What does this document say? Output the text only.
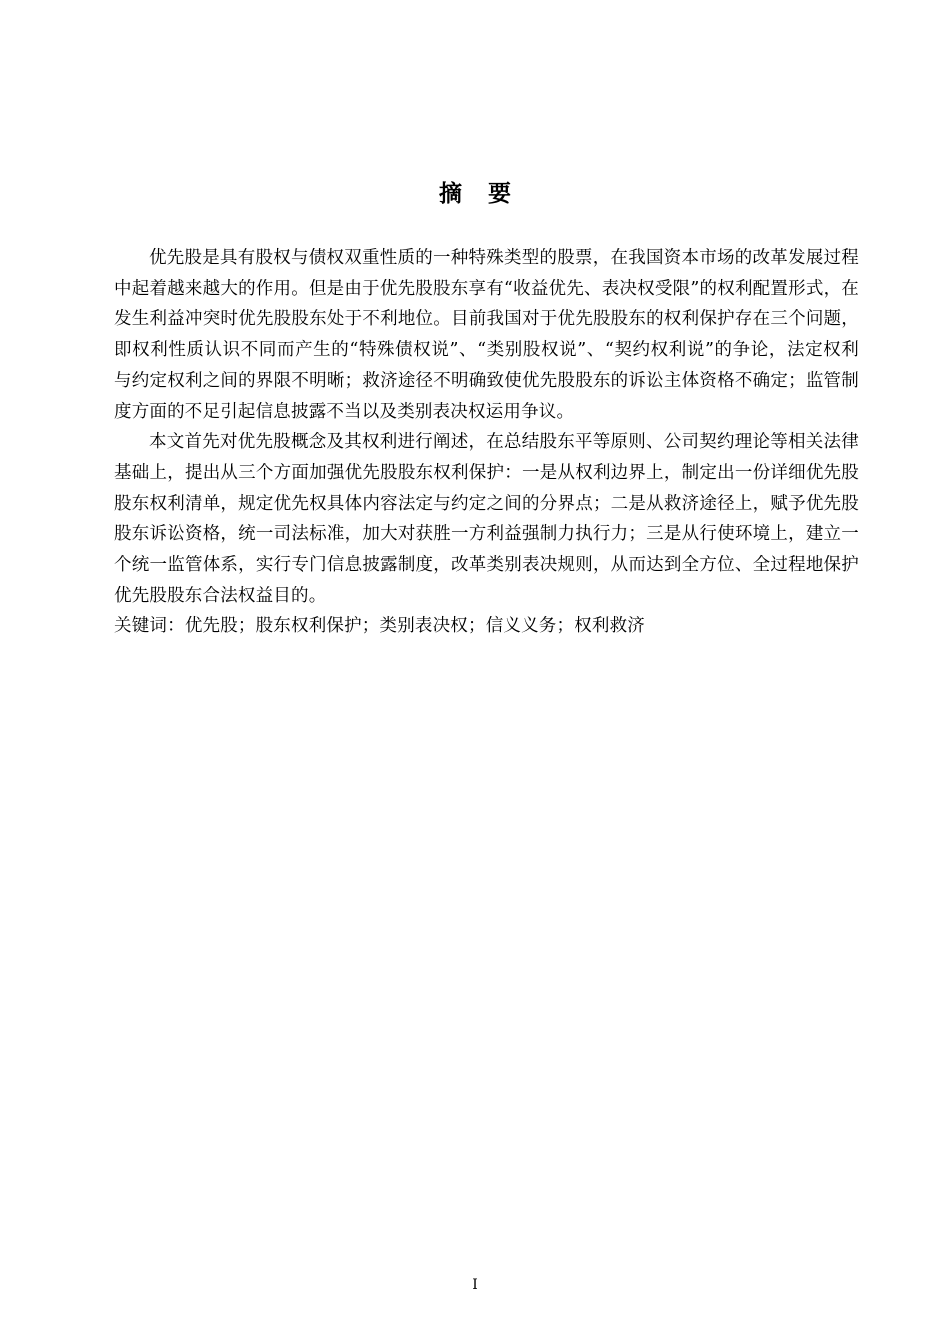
摘要

优先股是具有股权与债权双重性质的一种特殊类型的股票，在我国资本市场的改革发展过程中起着越来越大的作用。但是由于优先股股东享有“收益优先、表决权受限”的权利配置形式，在发生利益冲突时优先股股东处于不利地位。目前我国对于优先股股东的权利保护存在三个问题，即权利性质认识不同而产生的“特殊债权说”、“类别股权说”、“契约权利说”的争论，法定权利与约定权利之间的界限不明晰；救济途径不明确致使优先股股东的诉讼主体资格不确定；监管制度方面的不足引起信息披露不当以及类别表决权运用争议。

本文首先对优先股概念及其权利进行阐述，在总结股东平等原则、公司契约理论等相关法律基础上，提出从三个方面加强优先股股东权利保护：一是从权利边界上，制定出一份详细优先股股东权利清单，规定优先权具体内容法定与约定之间的分界点；二是从救济途径上，赋予优先股股东诉讼资格，统一司法标准，加大对获胜一方利益强制力执行力；三是从行使环境上，建立一个统一监管体系，实行专门信息披露制度，改革类别表决规则，从而达到全方位、全过程地保护优先股股东合法权益目的。

关键词：优先股；股东权利保护；类别表决权；信义义务；权利救济

I
